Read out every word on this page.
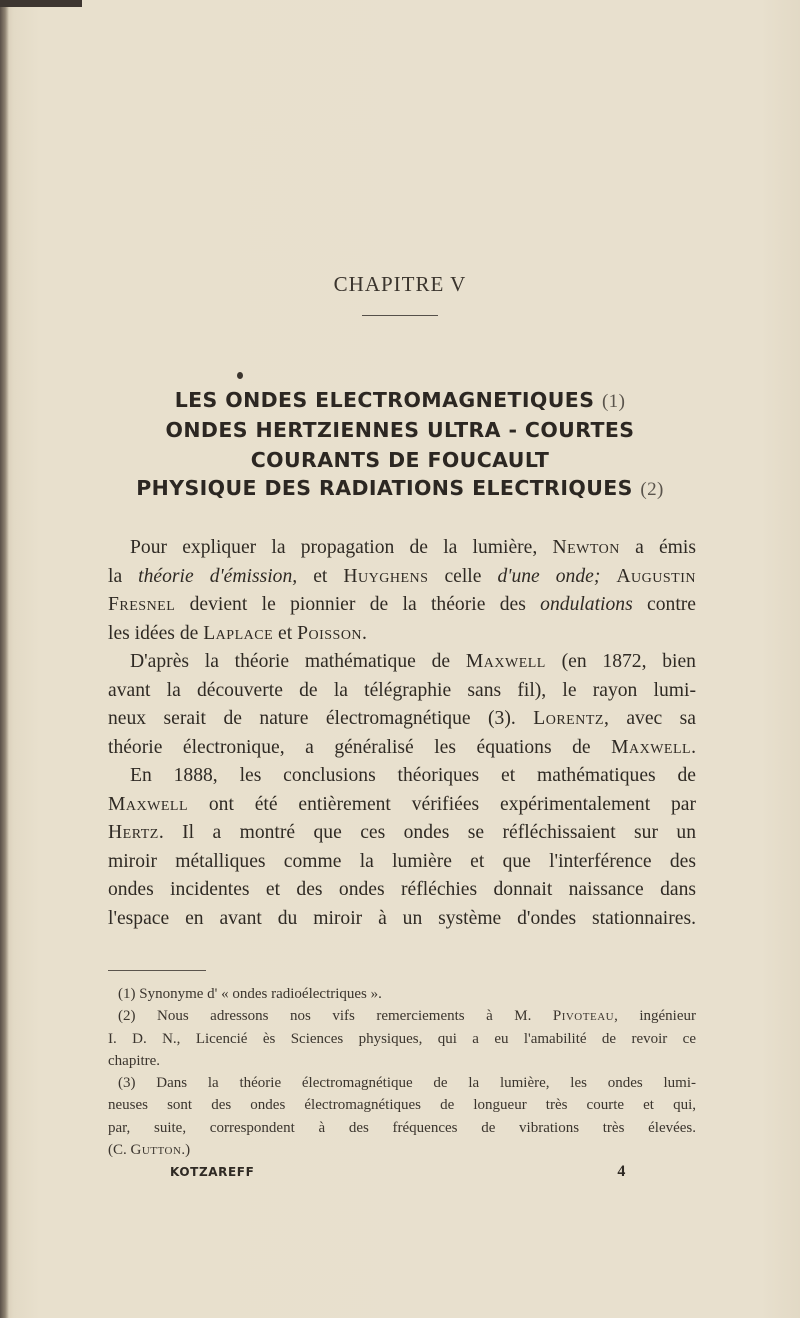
CHAPITRE V
LES ONDES ELECTROMAGNETIQUES (1)
ONDES HERTZIENNES ULTRA - COURTES
COURANTS DE FOUCAULT
PHYSIQUE DES RADIATIONS ELECTRIQUES (2)
Pour expliquer la propagation de la lumière, Newton a émis
la théorie d'émission, et Huyghens celle d'une onde; Augustin
Fresnel devient le pionnier de la théorie des ondulations contre
les idées de Laplace et Poisson.
D'après la théorie mathématique de Maxwell (en 1872, bien
avant la découverte de la télégraphie sans fil), le rayon lumi-
neux serait de nature électromagnétique (3). Lorentz, avec sa
théorie électronique, a généralisé les équations de Maxwell.
En 1888, les conclusions théoriques et mathématiques de
Maxwell ont été entièrement vérifiées expérimentalement par
Hertz. Il a montré que ces ondes se réfléchissaient sur un
miroir métalliques comme la lumière et que l'interférence des
ondes incidentes et des ondes réfléchies donnait naissance dans
l'espace en avant du miroir à un système d'ondes stationnaires.
(1) Synonyme d' « ondes radioélectriques ».
(2) Nous adressons nos vifs remerciements à M. Pivoteau, ingénieur
I. D. N., Licencié ès Sciences physiques, qui a eu l'amabilité de revoir ce
chapitre.
(3) Dans la théorie électromagnétique de la lumière, les ondes lumi-
neuses sont des ondes électromagnétiques de longueur très courte et qui,
par, suite, correspondent à des fréquences de vibrations très élevées.
(C. Gutton.)
KOTZAREFF	4
